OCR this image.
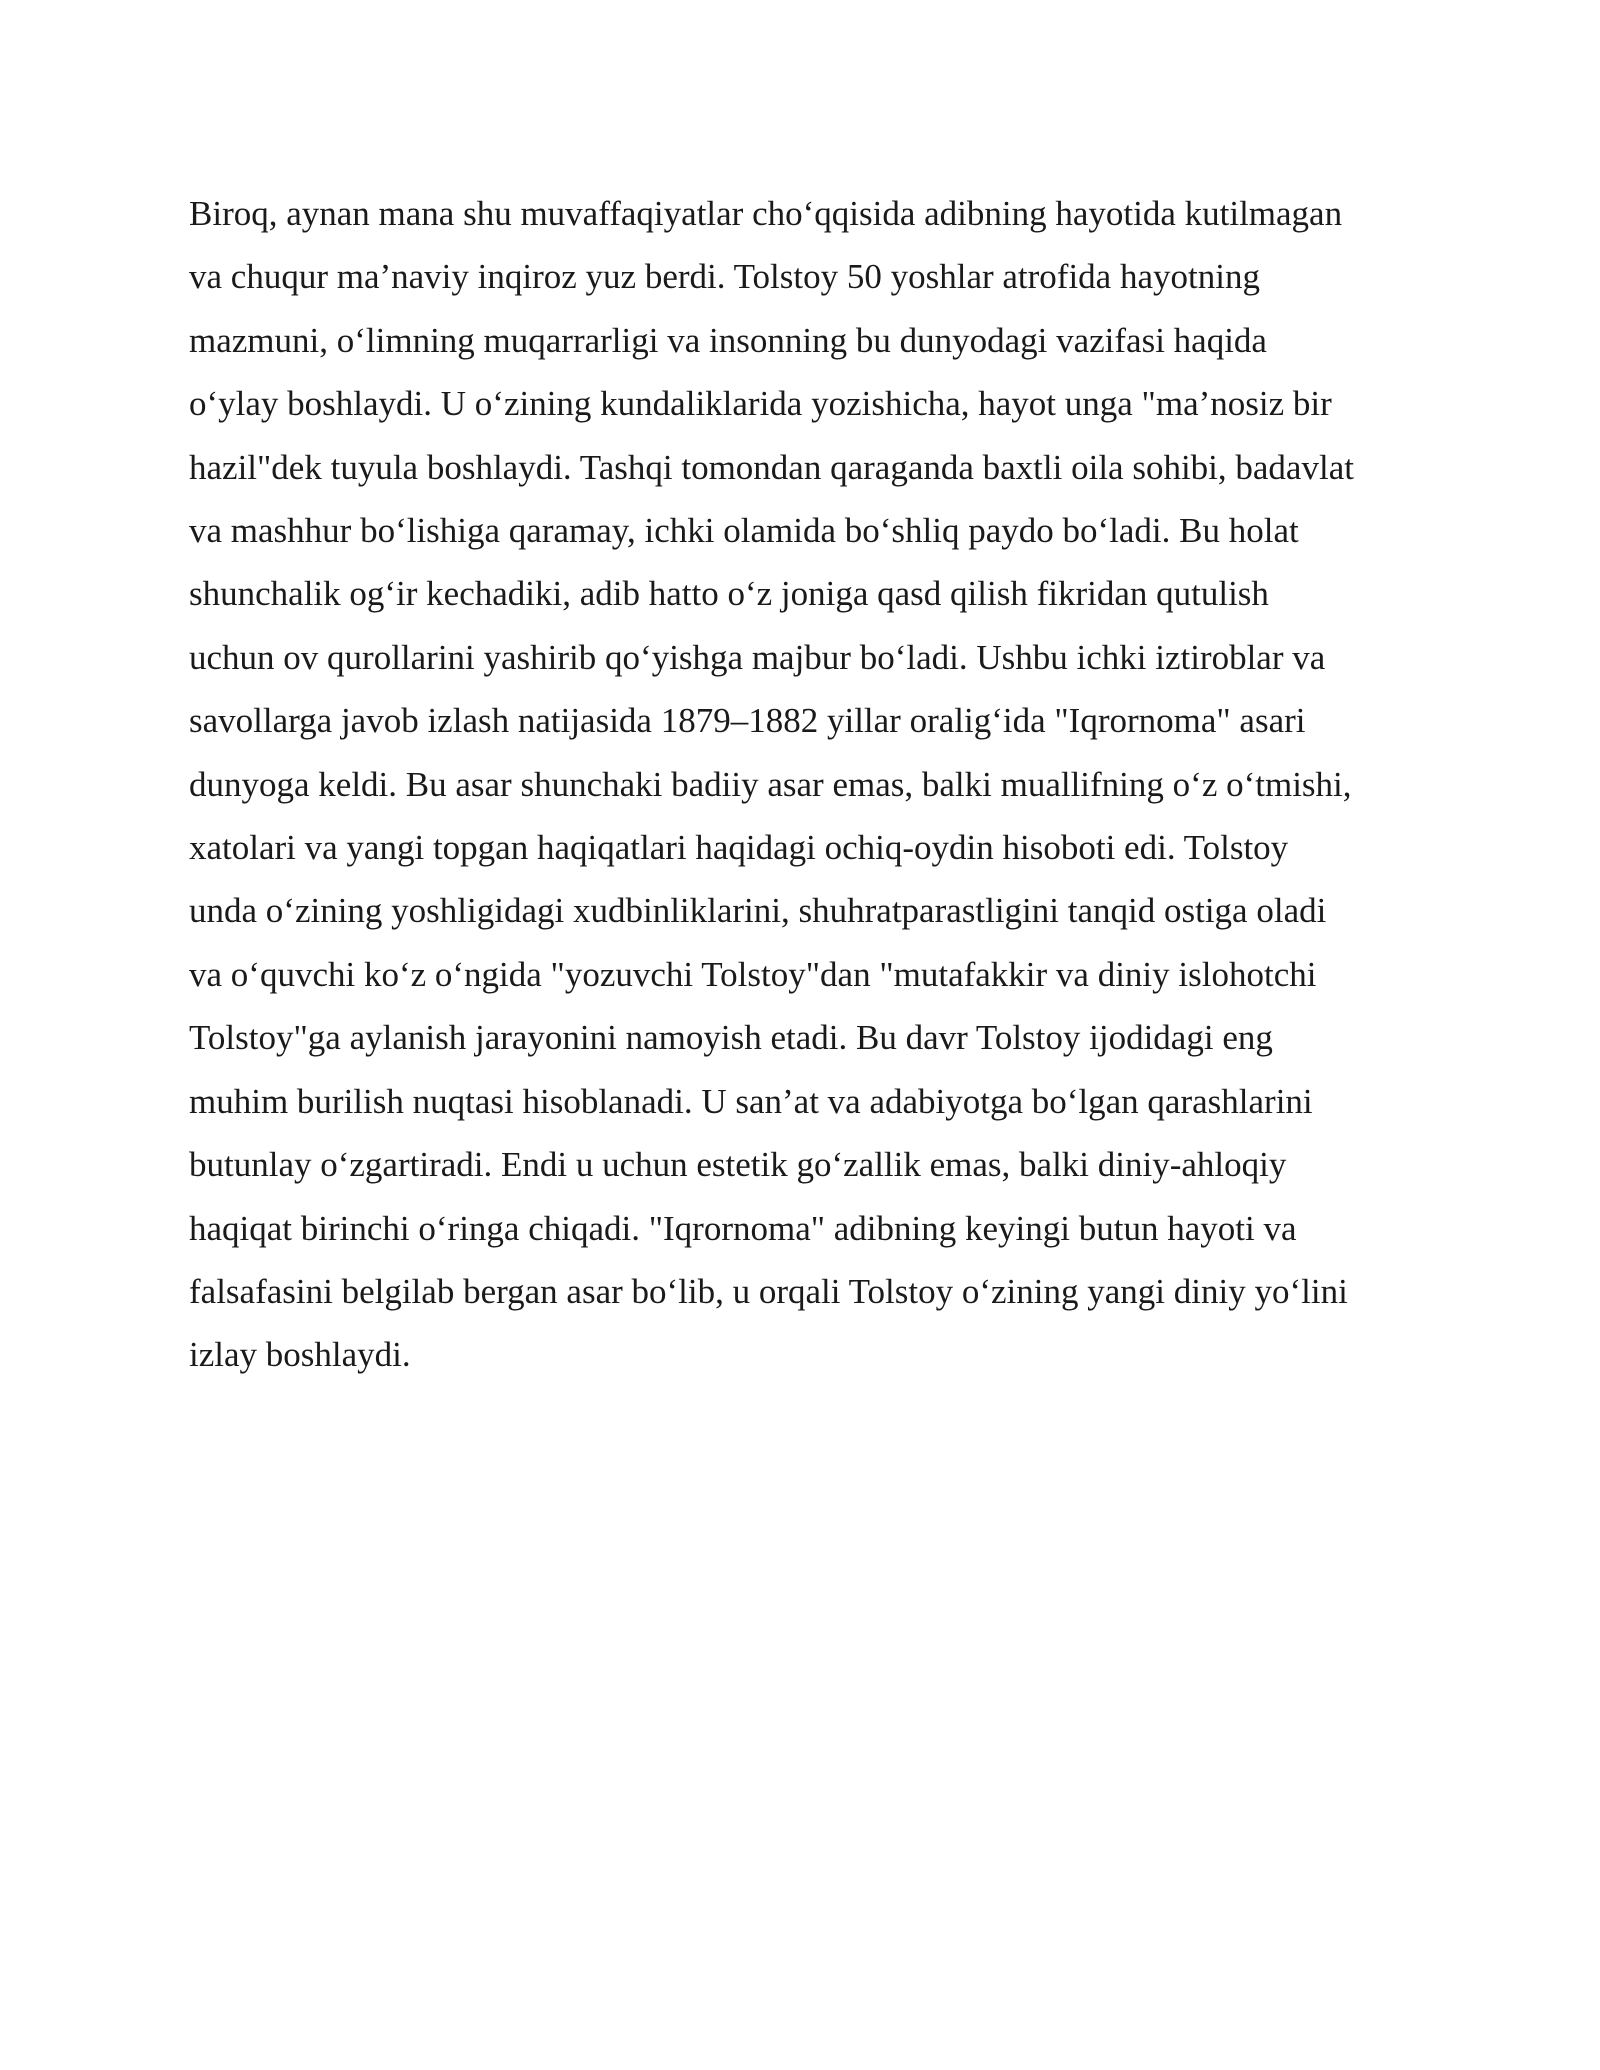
Biroq, aynan mana shu muvaffaqiyatlar cho‘qqisida adibning hayotida kutilmagan
va chuqur ma’naviy inqiroz yuz berdi. Tolstoy 50 yoshlar atrofida hayotning
mazmuni, o‘limning muqarrarligi va insonning bu dunyodagi vazifasi haqida
o‘ylay boshlaydi. U o‘zining kundaliklarida yozishicha, hayot unga "ma’nosiz bir
hazil"dek tuyula boshlaydi. Tashqi tomondan qaraganda baxtli oila sohibi, badavlat
va mashhur bo‘lishiga qaramay, ichki olamida bo‘shliq paydo bo‘ladi. Bu holat
shunchalik og‘ir kechadiki, adib hatto o‘z joniga qasd qilish fikridan qutulish
uchun ov qurollarini yashirib qo‘yishga majbur bo‘ladi. Ushbu ichki iztiroblar va
savollarga javob izlash natijasida 1879–1882 yillar oralig‘ida "Iqrornoma" asari
dunyoga keldi. Bu asar shunchaki badiiy asar emas, balki muallifning o‘z o‘tmishi,
xatolari va yangi topgan haqiqatlari haqidagi ochiq-oydin hisoboti edi. Tolstoy
unda o‘zining yoshligidagi xudbinliklarini, shuhratparastligini tanqid ostiga oladi
va o‘quvchi ko‘z o‘ngida "yozuvchi Tolstoy"dan "mutafakkir va diniy islohotchi
Tolstoy"ga aylanish jarayonini namoyish etadi. Bu davr Tolstoy ijodidagi eng
muhim burilish nuqtasi hisoblanadi. U san’at va adabiyotga bo‘lgan qarashlarini
butunlay o‘zgartiradi. Endi u uchun estetik go‘zallik emas, balki diniy-ahloqiy
haqiqat birinchi o‘ringa chiqadi. "Iqrornoma" adibning keyingi butun hayoti va
falsafasini belgilab bergan asar bo‘lib, u orqali Tolstoy o‘zining yangi diniy yo‘lini
izlay boshlaydi.
